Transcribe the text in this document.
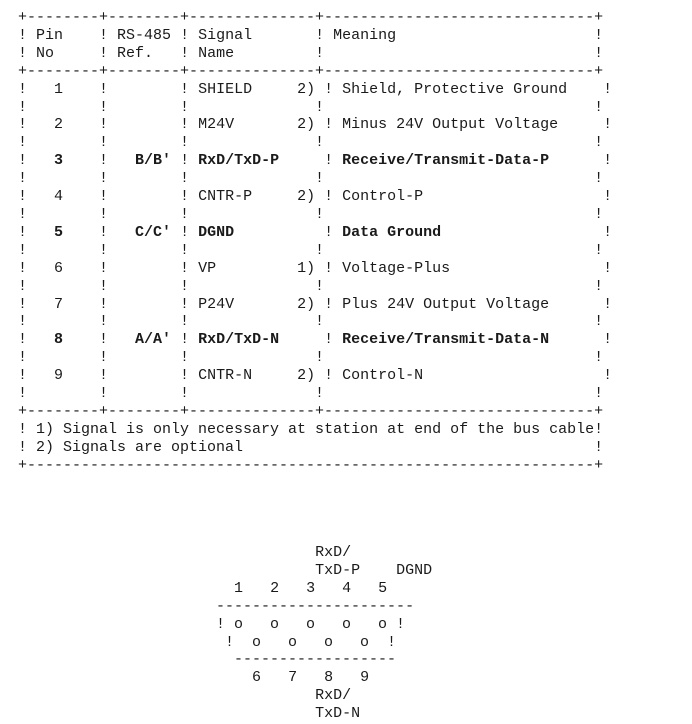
+--------+--------+--------------+------------------------------+
! Pin    ! RS-485 ! Signal       ! Meaning	!
! No     ! Ref.   ! Name	!                              !
+--------+--------+--------------+------------------------------+
!   1    !        ! SHIELD	2) ! Shield, Protective Ground    !
!        !        !              !                              !
!   2    !        ! M24V	2) ! Minus 24V Output Voltage	!
!        !        !              !                              !
!   3    !   B/B' ! RxD/TxD-P     ! Receive/Transmit-Data-P	!
!        !        !              !                              !
!   4    !        ! CNTR-P	2) ! Control-P	!
!        !        !              !                              !
!   5    !   C/C' ! DGND	! Data Ground	!
!        !        !              !                              !
!   6    !        ! VP	1) ! Voltage-Plus	!
!        !        !              !                              !
!   7    !        ! P24V	2) ! Plus 24V Output Voltage	!
!        !        !              !                              !
!   8    !   A/A' ! RxD/TxD-N     ! Receive/Transmit-Data-N	!
!        !        !              !                              !
!   9    !        ! CNTR-N	2) ! Control-N	!
!        !        !              !                              !
+--------+--------+--------------+------------------------------+
! 1) Signal is only necessary at station at end of the bus cable!
! 2) Signals are optional	!
+---------------------------------------------------------------+
RxD/
TxD-P DGND
1 2 3 4 5
----------------------
! o   o   o   o   o !
!  o   o   o   o  !
------------------
6 7 8 9
RxD/
TxD-N
